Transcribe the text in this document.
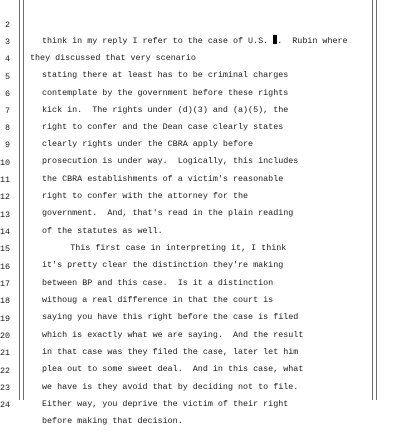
2

think in my reply I refer to the case of U.S. .  Rubin where

3

they discussed that very scenario

4

stating there at least has to be criminal charges

5

contemplate by the government before these rights

6

kick in.  The rights under (d)(3) and (a)(5), the

7

right to confer and the Dean case clearly states

8

clearly rights under the CBRA apply before

9

prosecution is under way.  Logically, this includes

10

the CBRA establishments of a victim's reasonable

11

right to confer with the attorney for the

12

government.  And, that's read in the plain reading

13

of the statutes as well.

14

This first case in interpreting it, I think

15

it's pretty clear the distinction they're making

16

between BP and this case.  Is it a distinction

17

withoug a real difference in that the court is

18

saying you have this right before the case is filed

19

which is exactly what we are saying.  And the result

20

in that case was they filed the case, later let him

21

plea out to some sweet deal.  And in this case, what

22

we have is they avoid that by deciding not to file.

23

Either way, you deprive the victim of their right

24

before making that decision.
